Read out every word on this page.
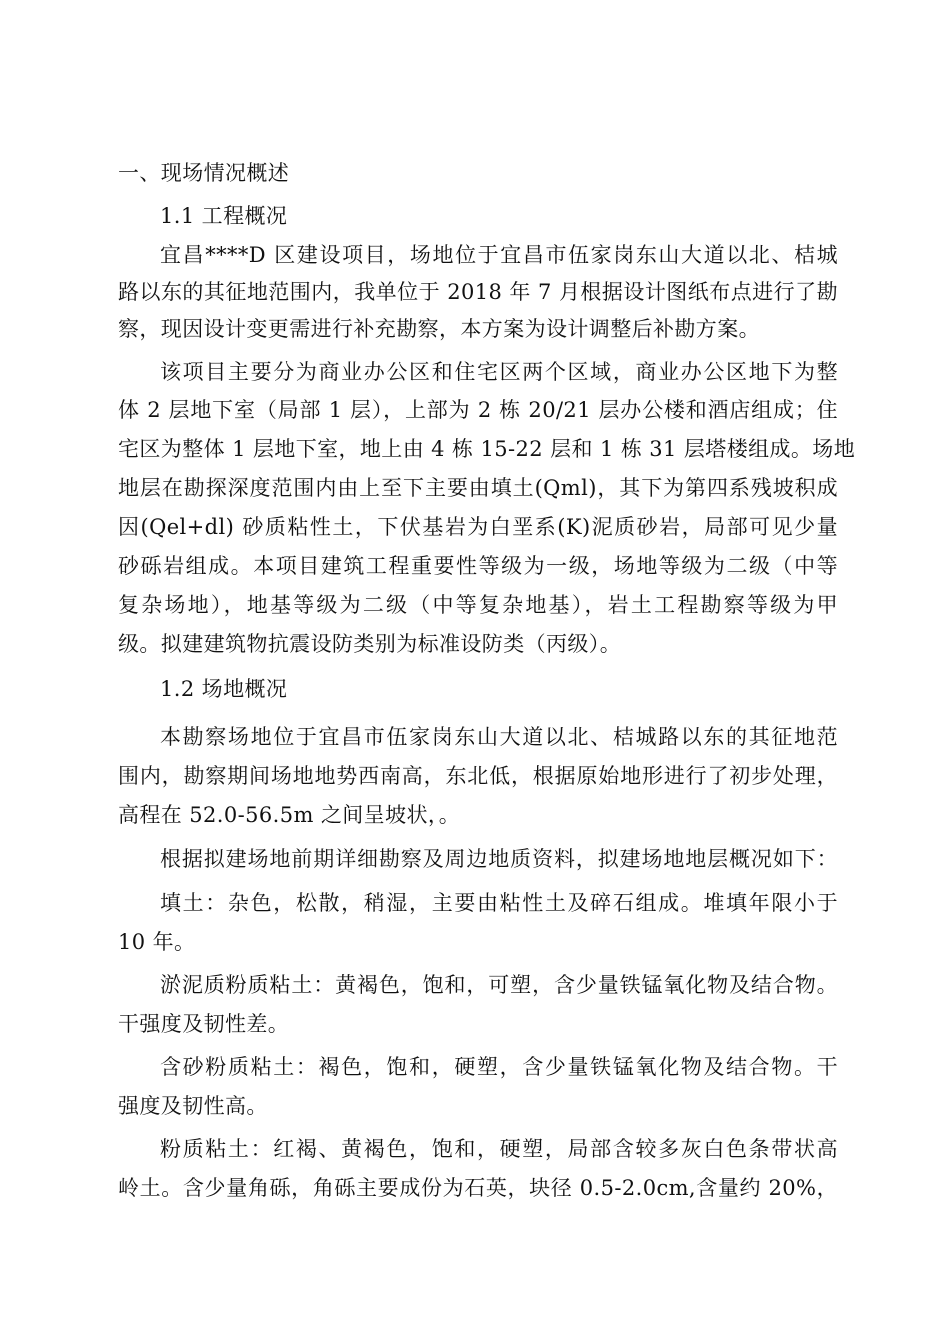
一、现场情况概述
1.1 工程概况
宜昌****D 区建设项目，场地位于宜昌市伍家岗东山大道以北、桔城
路以东的其征地范围内，我单位于 2018 年 7 月根据设计图纸布点进行了勘
察，现因设计变更需进行补充勘察，本方案为设计调整后补勘方案。
该项目主要分为商业办公区和住宅区两个区域，商业办公区地下为整
体 2 层地下室（局部 1 层），上部为 2 栋 20/21 层办公楼和酒店组成；住
宅区为整体 1 层地下室，地上由 4 栋 15-22 层和 1 栋 31 层塔楼组成。场地
地层在勘探深度范围内由上至下主要由填土(Qml)，其下为第四系残坡积成
因(Qel+dl) 砂质粘性土，下伏基岩为白垩系(K)泥质砂岩，局部可见少量
砂砾岩组成。本项目建筑工程重要性等级为一级，场地等级为二级（中等
复杂场地），地基等级为二级（中等复杂地基），岩土工程勘察等级为甲
级。拟建建筑物抗震设防类别为标准设防类（丙级）。
1.2 场地概况
本勘察场地位于宜昌市伍家岗东山大道以北、桔城路以东的其征地范
围内，勘察期间场地地势西南高，东北低，根据原始地形进行了初步处理，
高程在 52.0-56.5m 之间呈坡状，。
根据拟建场地前期详细勘察及周边地质资料，拟建场地地层概况如下：
填土：杂色，松散，稍湿，主要由粘性土及碎石组成。堆填年限小于
10 年。
淤泥质粉质粘土：黄褐色，饱和，可塑，含少量铁锰氧化物及结合物。
干强度及韧性差。
含砂粉质粘土：褐色，饱和，硬塑，含少量铁锰氧化物及结合物。干
强度及韧性高。
粉质粘土：红褐、黄褐色，饱和，硬塑，局部含较多灰白色条带状高
岭土。含少量角砾，角砾主要成份为石英，块径 0.5-2.0cm,含量约 20%，
